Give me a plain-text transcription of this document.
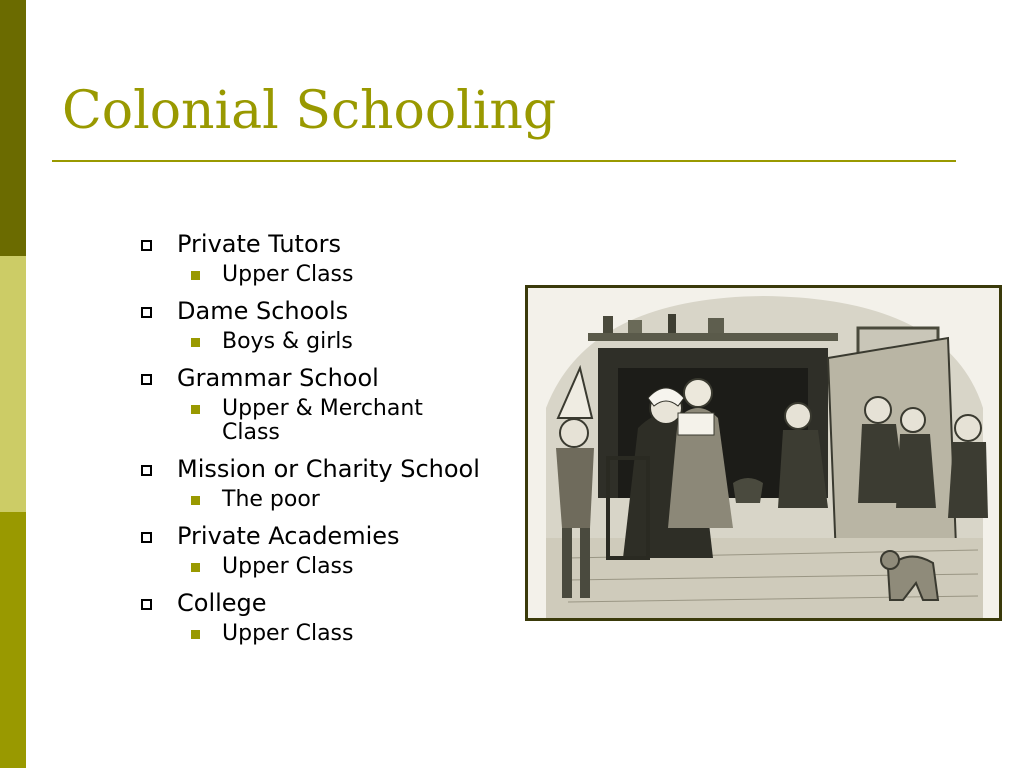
Colonial Schooling
Private Tutors
Upper Class
Dame Schools
Boys & girls
Grammar School
Upper & Merchant Class
Mission or Charity School
The poor
Private Academies
Upper Class
College
Upper Class
